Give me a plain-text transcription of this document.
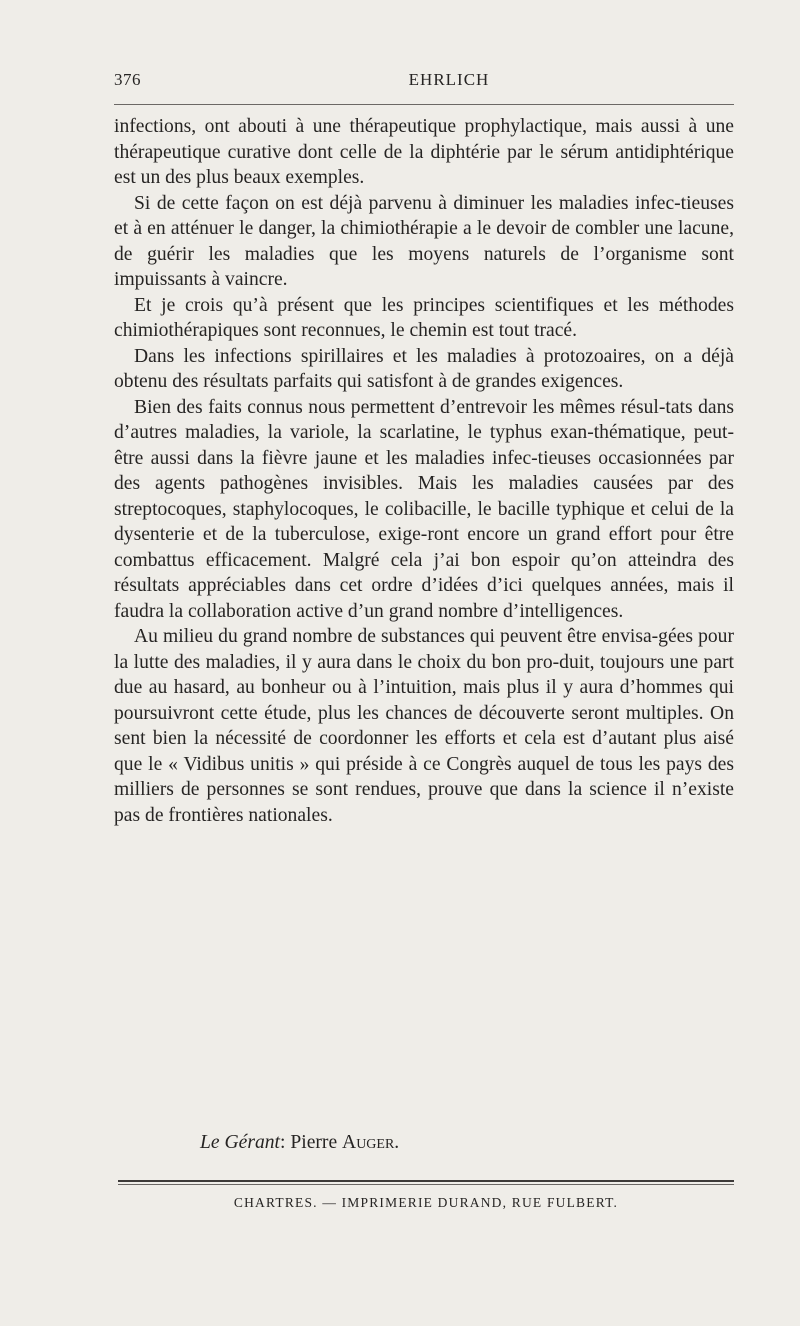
376	EHRLICH

infections, ont abouti à une thérapeutique prophylactique, mais aussi à une thérapeutique curative dont celle de la diphtérie par le sérum antidiphtérique est un des plus beaux exemples.

Si de cette façon on est déjà parvenu à diminuer les maladies infec-tieuses et à en atténuer le danger, la chimiothérapie a le devoir de combler une lacune, de guérir les maladies que les moyens naturels de l’organisme sont impuissants à vaincre.

Et je crois qu’à présent que les principes scientifiques et les méthodes chimiothérapiques sont reconnues, le chemin est tout tracé.

Dans les infections spirillaires et les maladies à protozoaires, on a déjà obtenu des résultats parfaits qui satisfont à de grandes exigences.

Bien des faits connus nous permettent d’entrevoir les mêmes résul-tats dans d’autres maladies, la variole, la scarlatine, le typhus exan-thématique, peut-être aussi dans la fièvre jaune et les maladies infec-tieuses occasionnées par des agents pathogènes invisibles. Mais les maladies causées par des streptocoques, staphylocoques, le colibacille, le bacille typhique et celui de la dysenterie et de la tuberculose, exige-ront encore un grand effort pour être combattus efficacement. Malgré cela j’ai bon espoir qu’on atteindra des résultats appréciables dans cet ordre d’idées d’ici quelques années, mais il faudra la collaboration active d’un grand nombre d’intelligences.

Au milieu du grand nombre de substances qui peuvent être envisa-gées pour la lutte des maladies, il y aura dans le choix du bon pro-duit, toujours une part due au hasard, au bonheur ou à l’intuition, mais plus il y aura d’hommes qui poursuivront cette étude, plus les chances de découverte seront multiples. On sent bien la nécessité de coordonner les efforts et cela est d’autant plus aisé que le « Vidibus unitis » qui préside à ce Congrès auquel de tous les pays des milliers de personnes se sont rendues, prouve que dans la science il n’existe pas de frontières nationales.

Le Gérant: Pierre Auger.
CHARTRES. — IMPRIMERIE DURAND, RUE FULBERT.
